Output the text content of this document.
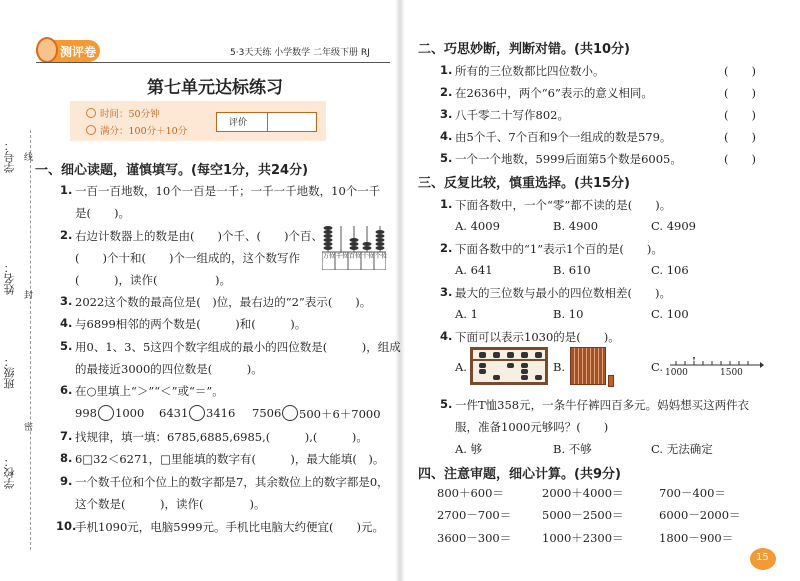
测评卷	5·3天天练 小学数学 二年级下册 RJ
第七单元达标练习
时间：50分钟
满分：100分＋10分
评价
学号：
姓名：
班级：
学校：
线
封
密
一、细心读题，谨慎填写。(每空1分，共24分)
1. 一百一百地数，10个一百是一千；一千一千地数，10个一千
是(　　)。
2. 右边计数器上的数是由(　　)个千、(　　)个百、
(　　)个十和(　　)个一组成的，这个数写作
(　　　)，读作(　　　　　)。
万位 千位 百位 十位 个位
3. 2022这个数的最高位是(　)位，最右边的“2”表示(　　)。
4. 与6899相邻的两个数是(　　　)和(　　　)。
5. 用0、1、3、5这四个数字组成的最小的四位数是(　　　)，组成
的最接近3000的四位数是(　　　)。
6. 在○里填上“＞”“＜”或“＝”。
998 1000 6431 3416 7506 500＋6＋7000
7. 找规律，填一填：6785,6885,6985,(　　　),(　　　)。
8. 6□32＜6271，□里能填的数字有(　　　)，最大能填(　)。
9. 一个数千位和个位上的数字都是7，其余数位上的数字都是0，
这个数是(　　　)，读作(　　　　)。
10.
手机1090元，电脑5999元。手机比电脑大约便宜(　　)元。
二、巧思妙断，判断对错。(共10分)
1. 所有的三位数都比四位数小。	(　　)
2. 在2636中，两个“6”表示的意义相同。	(　　)
3. 八千零二十写作802。	(　　)
4. 由5个千、7个百和9个一组成的数是579。	(　　)
5. 一个一个地数，5999后面第5个数是6005。	(　　)
三、反复比较，慎重选择。(共15分)
1. 下面各数中，一个“零”都不读的是(　　)。
A. 4009	B. 4900	C. 4909
2. 下面各数中的“1”表示1个百的是(　　)。
A. 641	B. 610	C. 106
3. 最大的三位数与最小的四位数相差(　　)。
A. 1	B. 10	C. 100
4. 下面可以表示1030的是(　　)。
A.	B.	C. 1000	1500
5. 一件T恤358元，一条牛仔裤四百多元。妈妈想买这两件衣
服，准备1000元够吗？(　　)
A. 够	B. 不够	C. 无法确定
四、注意审题，细心计算。(共9分)
800＋600＝	2000＋4000＝	700－400＝
2700－700＝	5000－2500＝	6000－2000＝
3600－300＝	1000＋2300＝	1800－900＝
15
